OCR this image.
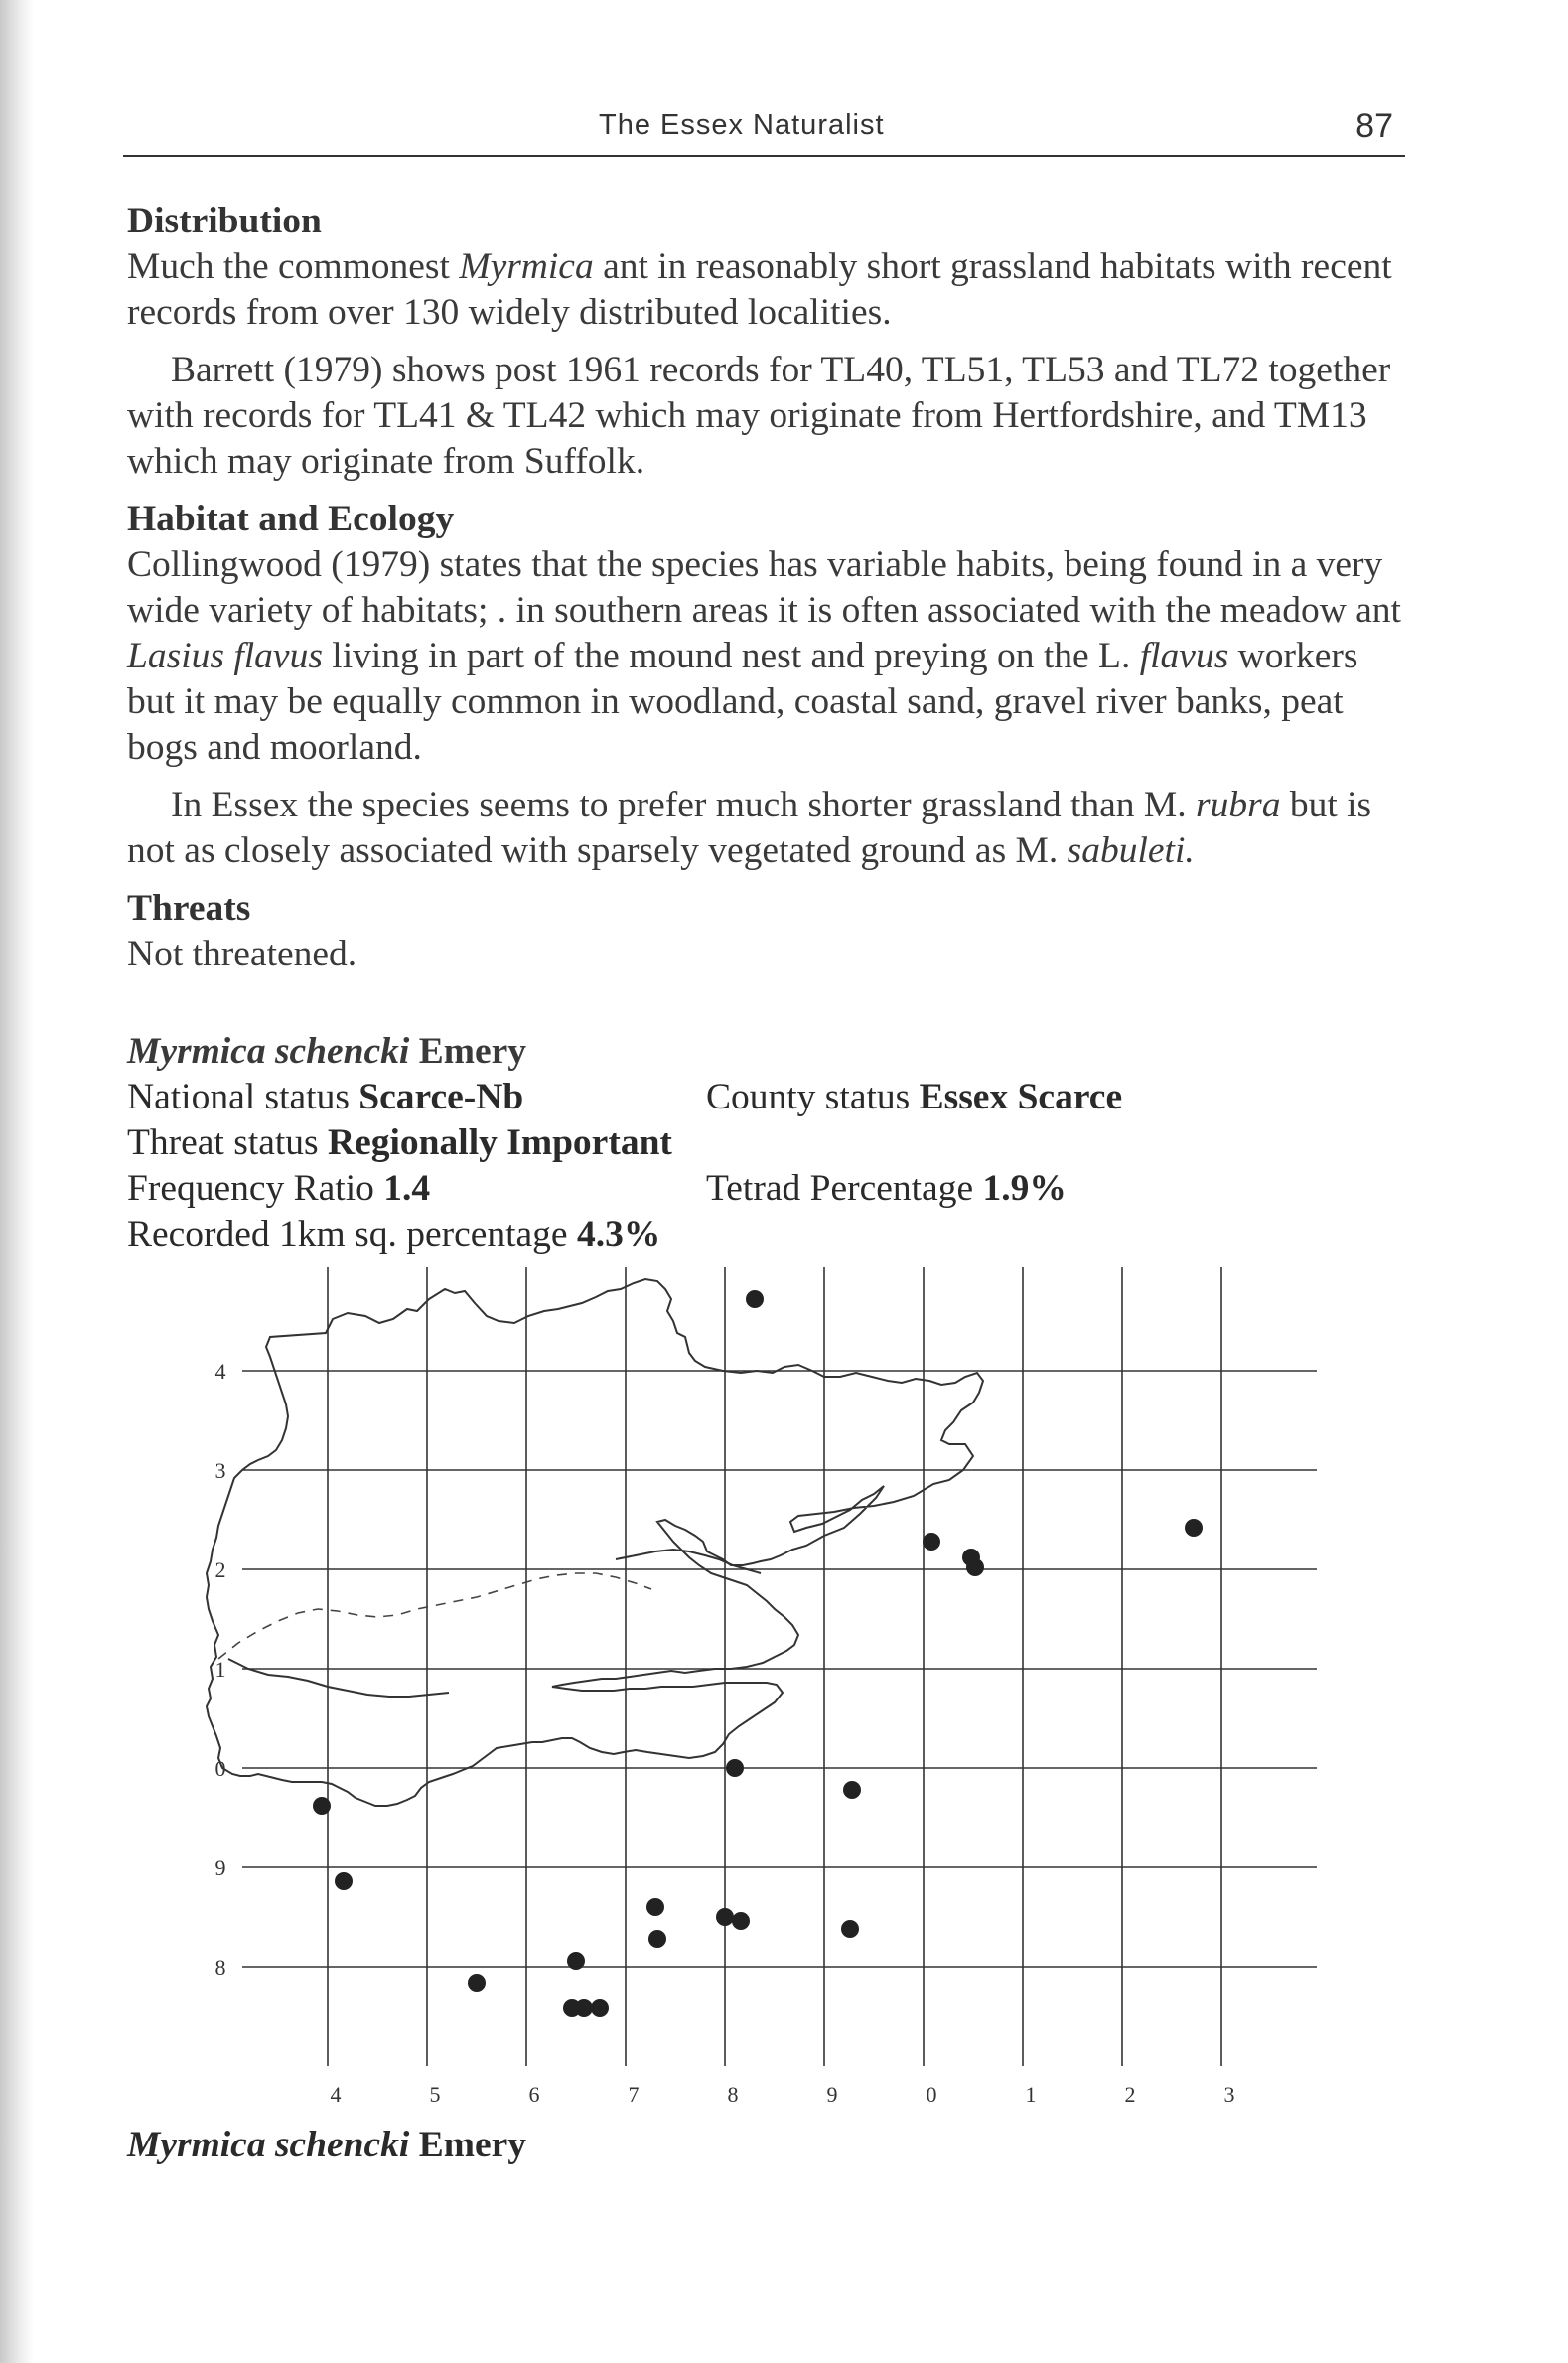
The Essex Naturalist	87
Distribution

Much the commonest Myrmica ant in reasonably short grassland habitats with recent records from over 130 widely distributed localities.

Barrett (1979) shows post 1961 records for TL40, TL51, TL53 and TL72 together with records for TL41 & TL42 which may originate from Hertfordshire, and TM13 which may originate from Suffolk.

Habitat and Ecology

Collingwood (1979) states that the species has variable habits, being found in a very wide variety of habitats; . in southern areas it is often associated with the meadow ant Lasius flavus living in part of the mound nest and preying on the L. flavus workers but it may be equally common in woodland, coastal sand, gravel river banks, peat bogs and moorland.

In Essex the species seems to prefer much shorter grassland than M. rubra but is not as closely associated with sparsely vegetated ground as M. sabuleti.

Threats

Not threatened.

Myrmica schencki Emery

National status Scarce-Nb	County status Essex Scarce
Threat status Regionally Important
Frequency Ratio 1.4	Tetrad Percentage 1.9%
Recorded 1km sq. percentage 4.3%
4	5	6	7	8	9	0	1	2	3
4
3
2
1
0
9
8
Myrmica schencki Emery
